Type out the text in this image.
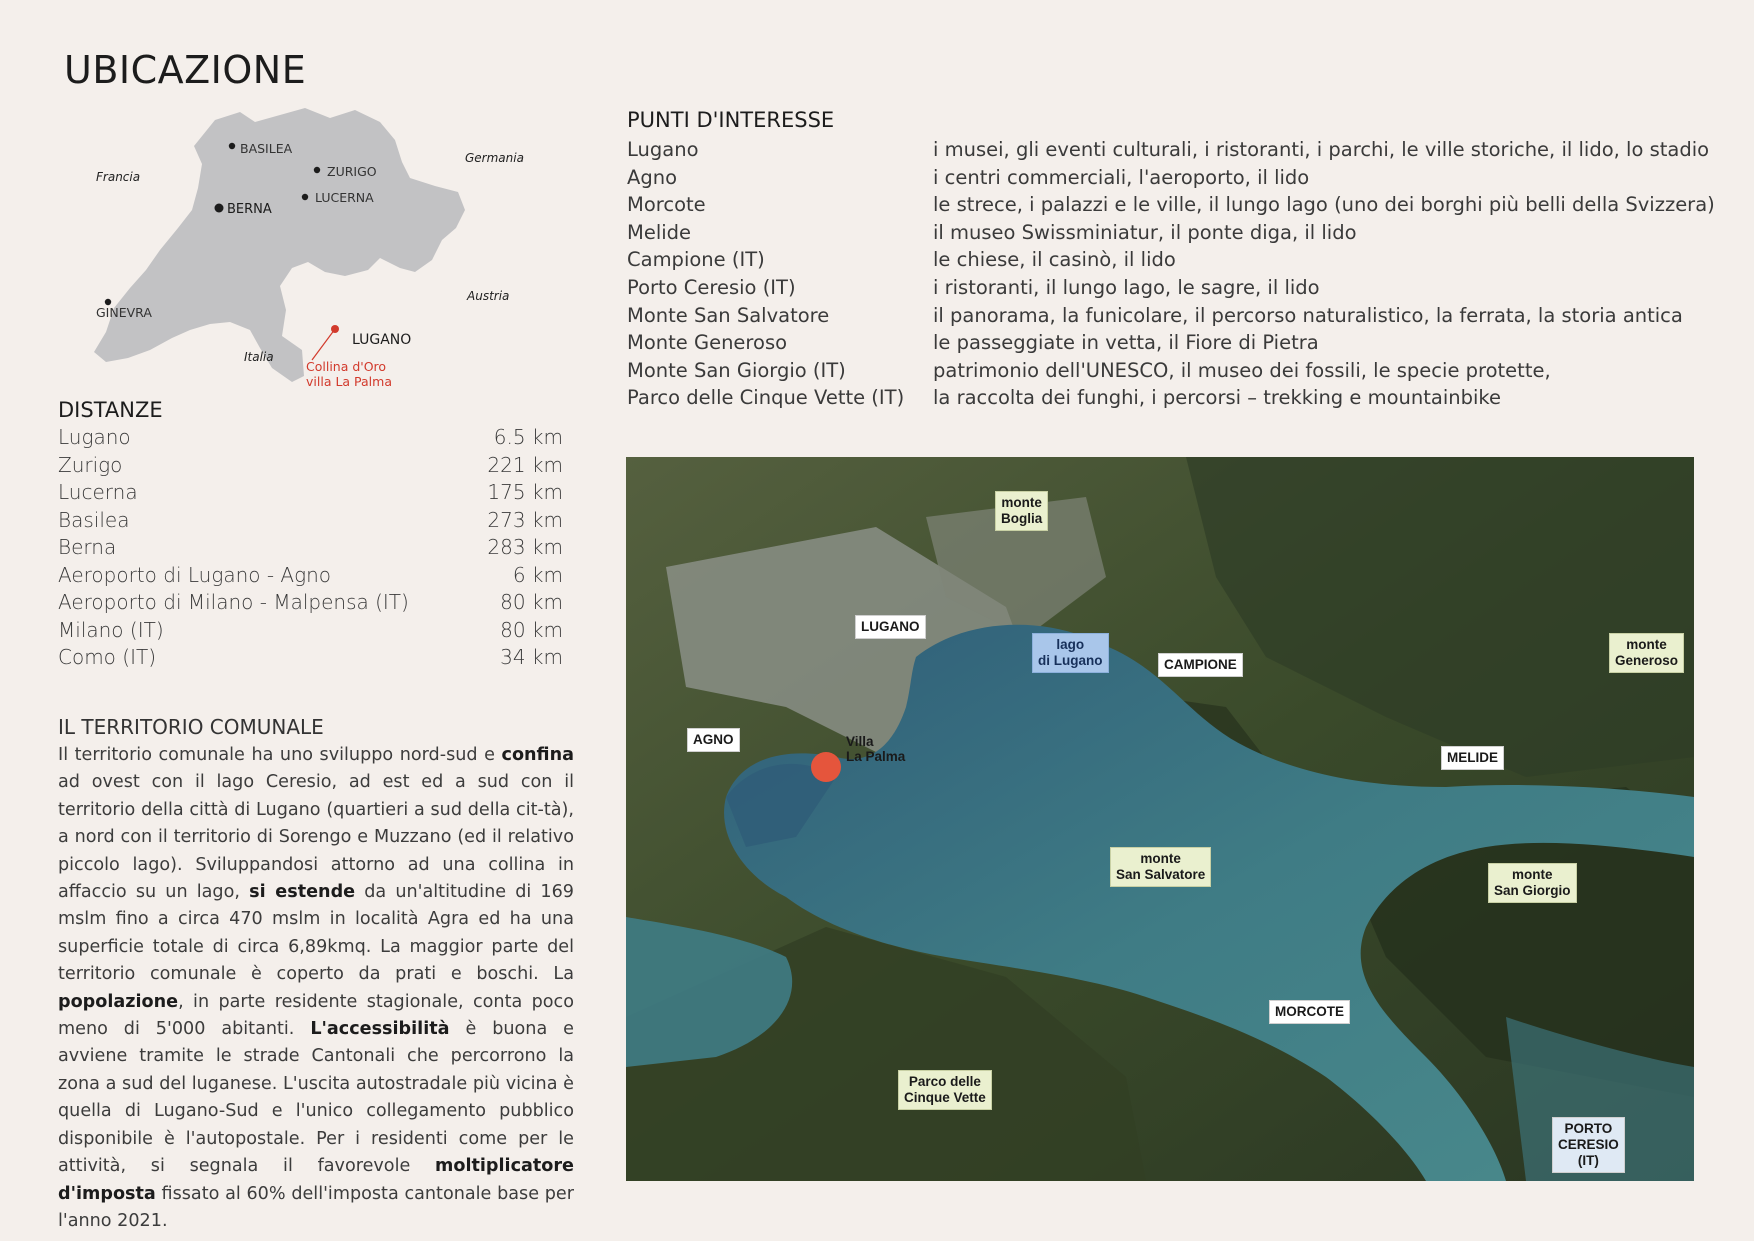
UBICAZIONE
BASILEA
ZURIGO
BERNA
LUCERNA
GINEVRA
LUGANO
Francia
Germania
Austria
Italia
Collina d'Oro
villa La Palma
DISTANZE
Lugano	6.5 km
Zurigo	221 km
Lucerna	175 km
Basilea	273 km
Berna	283 km
Aeroporto di Lugano - Agno	6 km
Aeroporto di Milano - Malpensa (IT)	80 km
Milano (IT)	80 km
Como (IT)	34 km
IL TERRITORIO COMUNALE
Il territorio comunale ha uno sviluppo nord-sud e confina ad ovest con il lago Ceresio, ad est ed a sud con il territorio della città di Lugano (quartieri a sud della cit-tà), a nord con il territorio di Sorengo e Muzzano (ed il relativo piccolo lago). Sviluppandosi attorno ad una collina in affaccio su un lago, si estende da un'altitudine di 169 mslm fino a circa 470 mslm in località Agra ed ha una superficie totale di circa 6,89kmq. La maggior parte del territorio comunale è coperto da prati e boschi. La popolazione, in parte residente stagionale, conta poco meno di 5'000 abitanti. L'accessibilità è buona e avviene tramite le strade Cantonali che percorrono la zona a sud del luganese. L'uscita autostradale più vicina è quella di Lugano-Sud e l'unico collegamento pubblico disponibile è l'autopostale. Per i residenti come per le attività, si segnala il favorevole moltiplicatore d'imposta fissato al 60% dell'imposta cantonale base per l'anno 2021.
PUNTI D'INTERESSE
Lugano	i musei, gli eventi culturali, i ristoranti, i parchi, le ville storiche, il lido, lo stadio
Agno	i centri commerciali, l'aeroporto, il lido
Morcote	le strece, i palazzi e le ville, il lungo lago (uno dei borghi più belli della Svizzera)
Melide	il museo Swissminiatur, il ponte diga, il lido
Campione (IT)	le chiese, il casinò, il lido
Porto Ceresio (IT)	i ristoranti, il lungo lago, le sagre, il lido
Monte San Salvatore	il panorama, la funicolare, il percorso naturalistico, la ferrata, la storia antica
Monte Generoso	le passeggiate in vetta, il Fiore di Pietra
Monte San Giorgio (IT)	patrimonio dell'UNESCO, il museo dei fossili, le specie protette,
Parco delle Cinque Vette (IT)	la raccolta dei funghi, i percorsi – trekking e mountainbike
monte
Boglia
LUGANO
lago
di Lugano	CAMPIONE
monte
Generoso
AGNO	Villa
La Palma	MELIDE
monte
San Salvatore	monte
San Giorgio
MORCOTE
Parco delle
Cinque Vette
PORTO
CERESIO
(IT)
